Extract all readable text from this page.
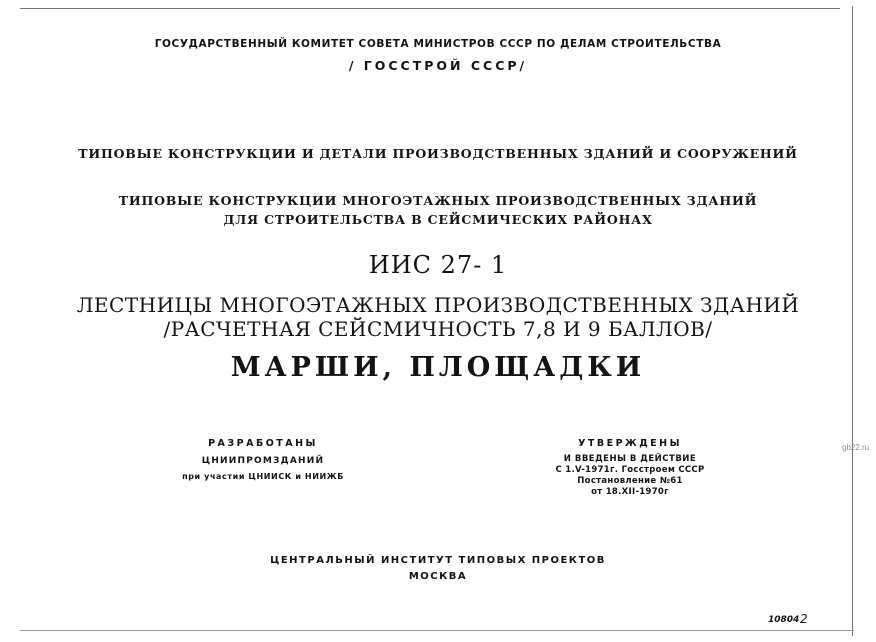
ГОСУДАРСТВЕННЫЙ КОМИТЕТ СОВЕТА МИНИСТРОВ СССР ПО ДЕЛАМ СТРОИТЕЛЬСТВА
/ ГОССТРОЙ СССР/
ТИПОВЫЕ КОНСТРУКЦИИ И ДЕТАЛИ ПРОИЗВОДСТВЕННЫХ ЗДАНИЙ И СООРУЖЕНИЙ
ТИПОВЫЕ КОНСТРУКЦИИ МНОГОЭТАЖНЫХ ПРОИЗВОДСТВЕННЫХ ЗДАНИЙ
ДЛЯ СТРОИТЕЛЬСТВА В СЕЙСМИЧЕСКИХ РАЙОНАХ
ИИС 27- 1
ЛЕСТНИЦЫ МНОГОЭТАЖНЫХ ПРОИЗВОДСТВЕННЫХ ЗДАНИЙ
/РАСЧЕТНАЯ СЕЙСМИЧНОСТЬ 7,8 И 9 БАЛЛОВ/
МАРШИ, ПЛОЩАДКИ
РАЗРАБОТАНЫ
ЦНИИПРОМЗДАНИЙ
при участии ЦНИИСК и НИИЖБ
УТВЕРЖДЕНЫ
И ВВЕДЕНЫ В ДЕЙСТВИЕ
С 1.V-1971г. Госстроем СССР
Постановление №61
от 18.XII-1970г
ЦЕНТРАЛЬНЫЙ ИНСТИТУТ ТИПОВЫХ ПРОЕКТОВ
МОСКВА
gb22.ru
10804 2
